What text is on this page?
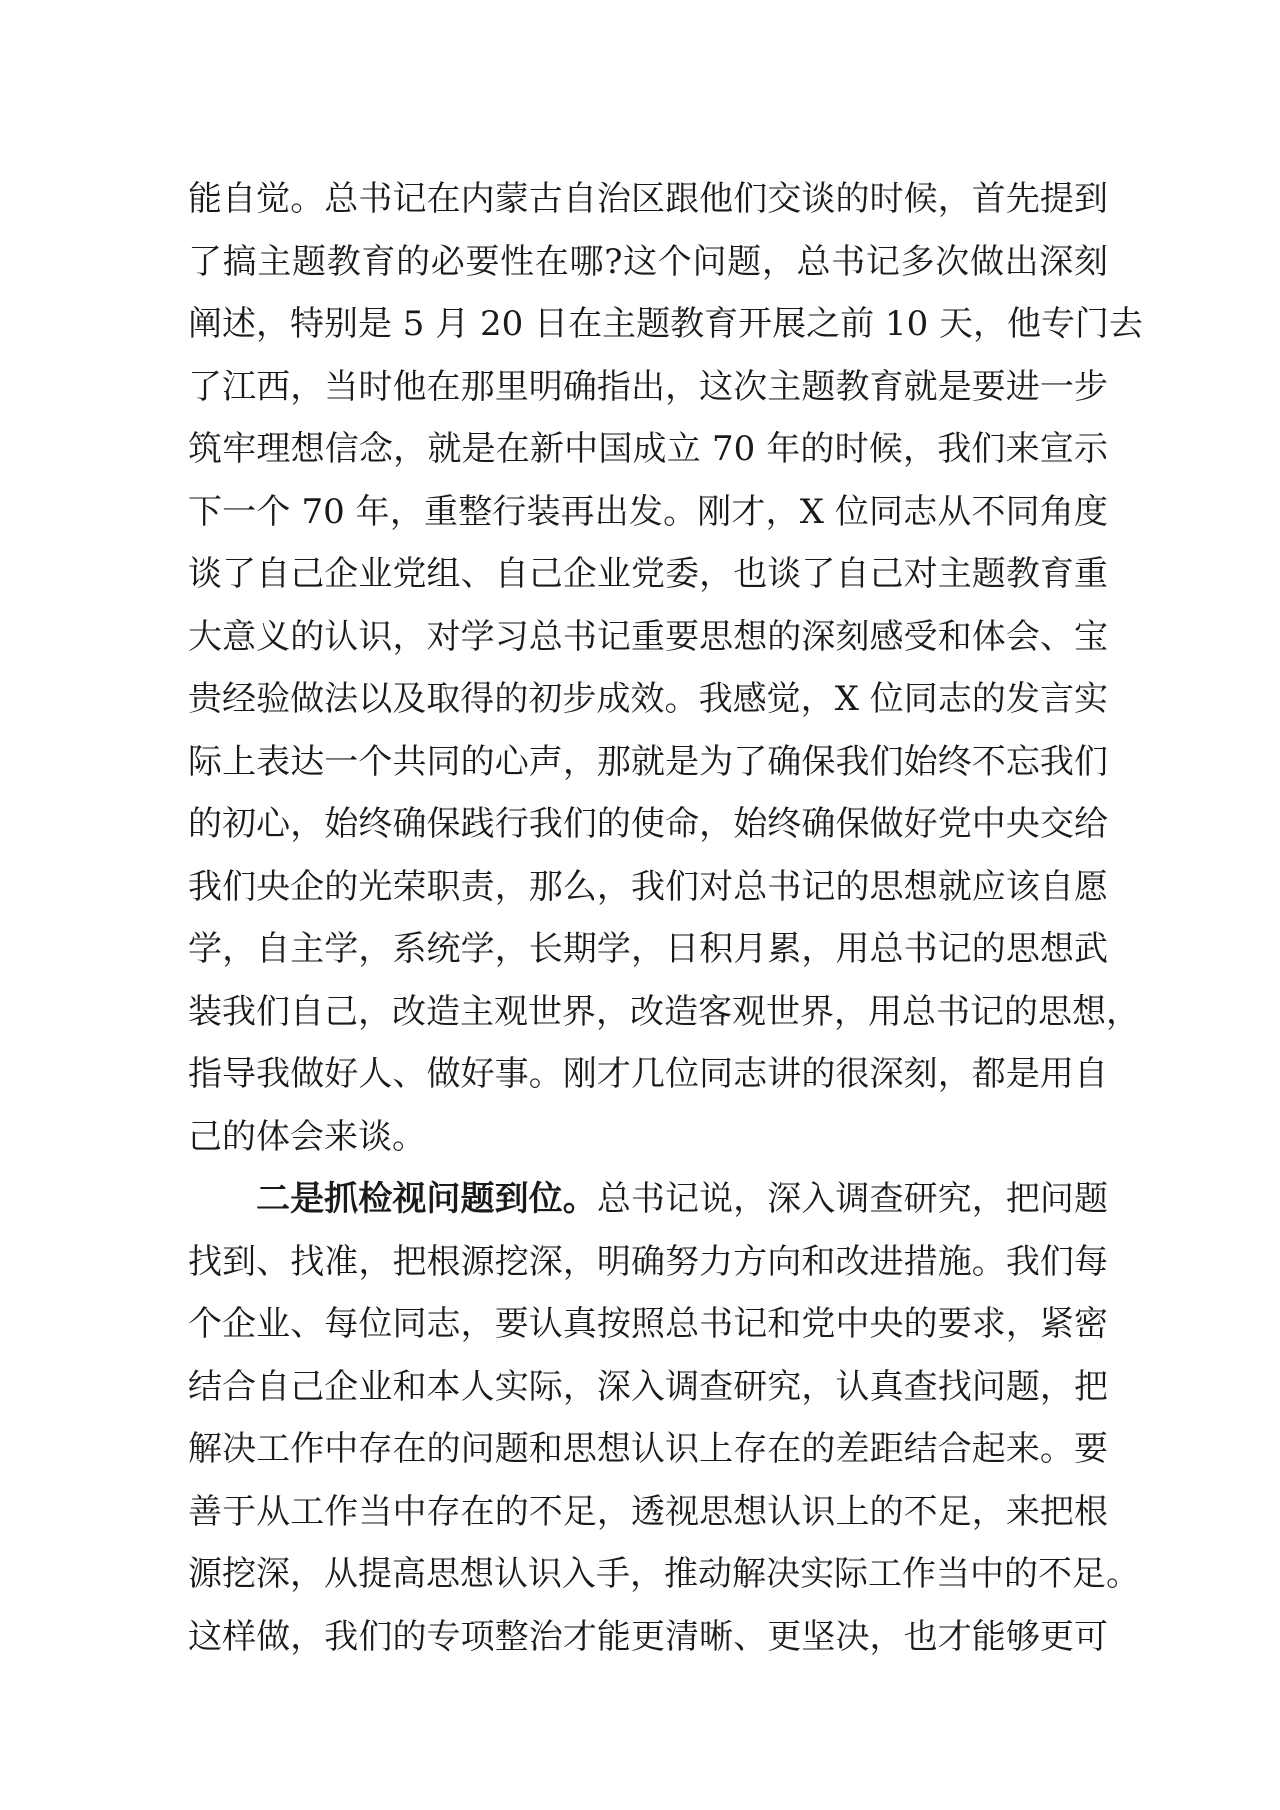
能自觉。总书记在内蒙古自治区跟他们交谈的时候，首先提到
了搞主题教育的必要性在哪?这个问题，总书记多次做出深刻
阐述，特别是 5 月 20 日在主题教育开展之前 10 天，他专门去
了江西，当时他在那里明确指出，这次主题教育就是要进一步
筑牢理想信念，就是在新中国成立 70 年的时候，我们来宣示
下一个 70 年，重整行装再出发。刚才，X 位同志从不同角度
谈了自己企业党组、自己企业党委，也谈了自己对主题教育重
大意义的认识，对学习总书记重要思想的深刻感受和体会、宝
贵经验做法以及取得的初步成效。我感觉，X 位同志的发言实
际上表达一个共同的心声，那就是为了确保我们始终不忘我们
的初心，始终确保践行我们的使命，始终确保做好党中央交给
我们央企的光荣职责，那么，我们对总书记的思想就应该自愿
学，自主学，系统学，长期学，日积月累，用总书记的思想武
装我们自己，改造主观世界，改造客观世界，用总书记的思想，
指导我做好人、做好事。刚才几位同志讲的很深刻，都是用自
己的体会来谈。
二是抓检视问题到位。总书记说，深入调查研究，把问题
找到、找准，把根源挖深，明确努力方向和改进措施。我们每
个企业、每位同志，要认真按照总书记和党中央的要求，紧密
结合自己企业和本人实际，深入调查研究，认真查找问题，把
解决工作中存在的问题和思想认识上存在的差距结合起来。要
善于从工作当中存在的不足，透视思想认识上的不足，来把根
源挖深，从提高思想认识入手，推动解决实际工作当中的不足。
这样做，我们的专项整治才能更清晰、更坚决，也才能够更可
